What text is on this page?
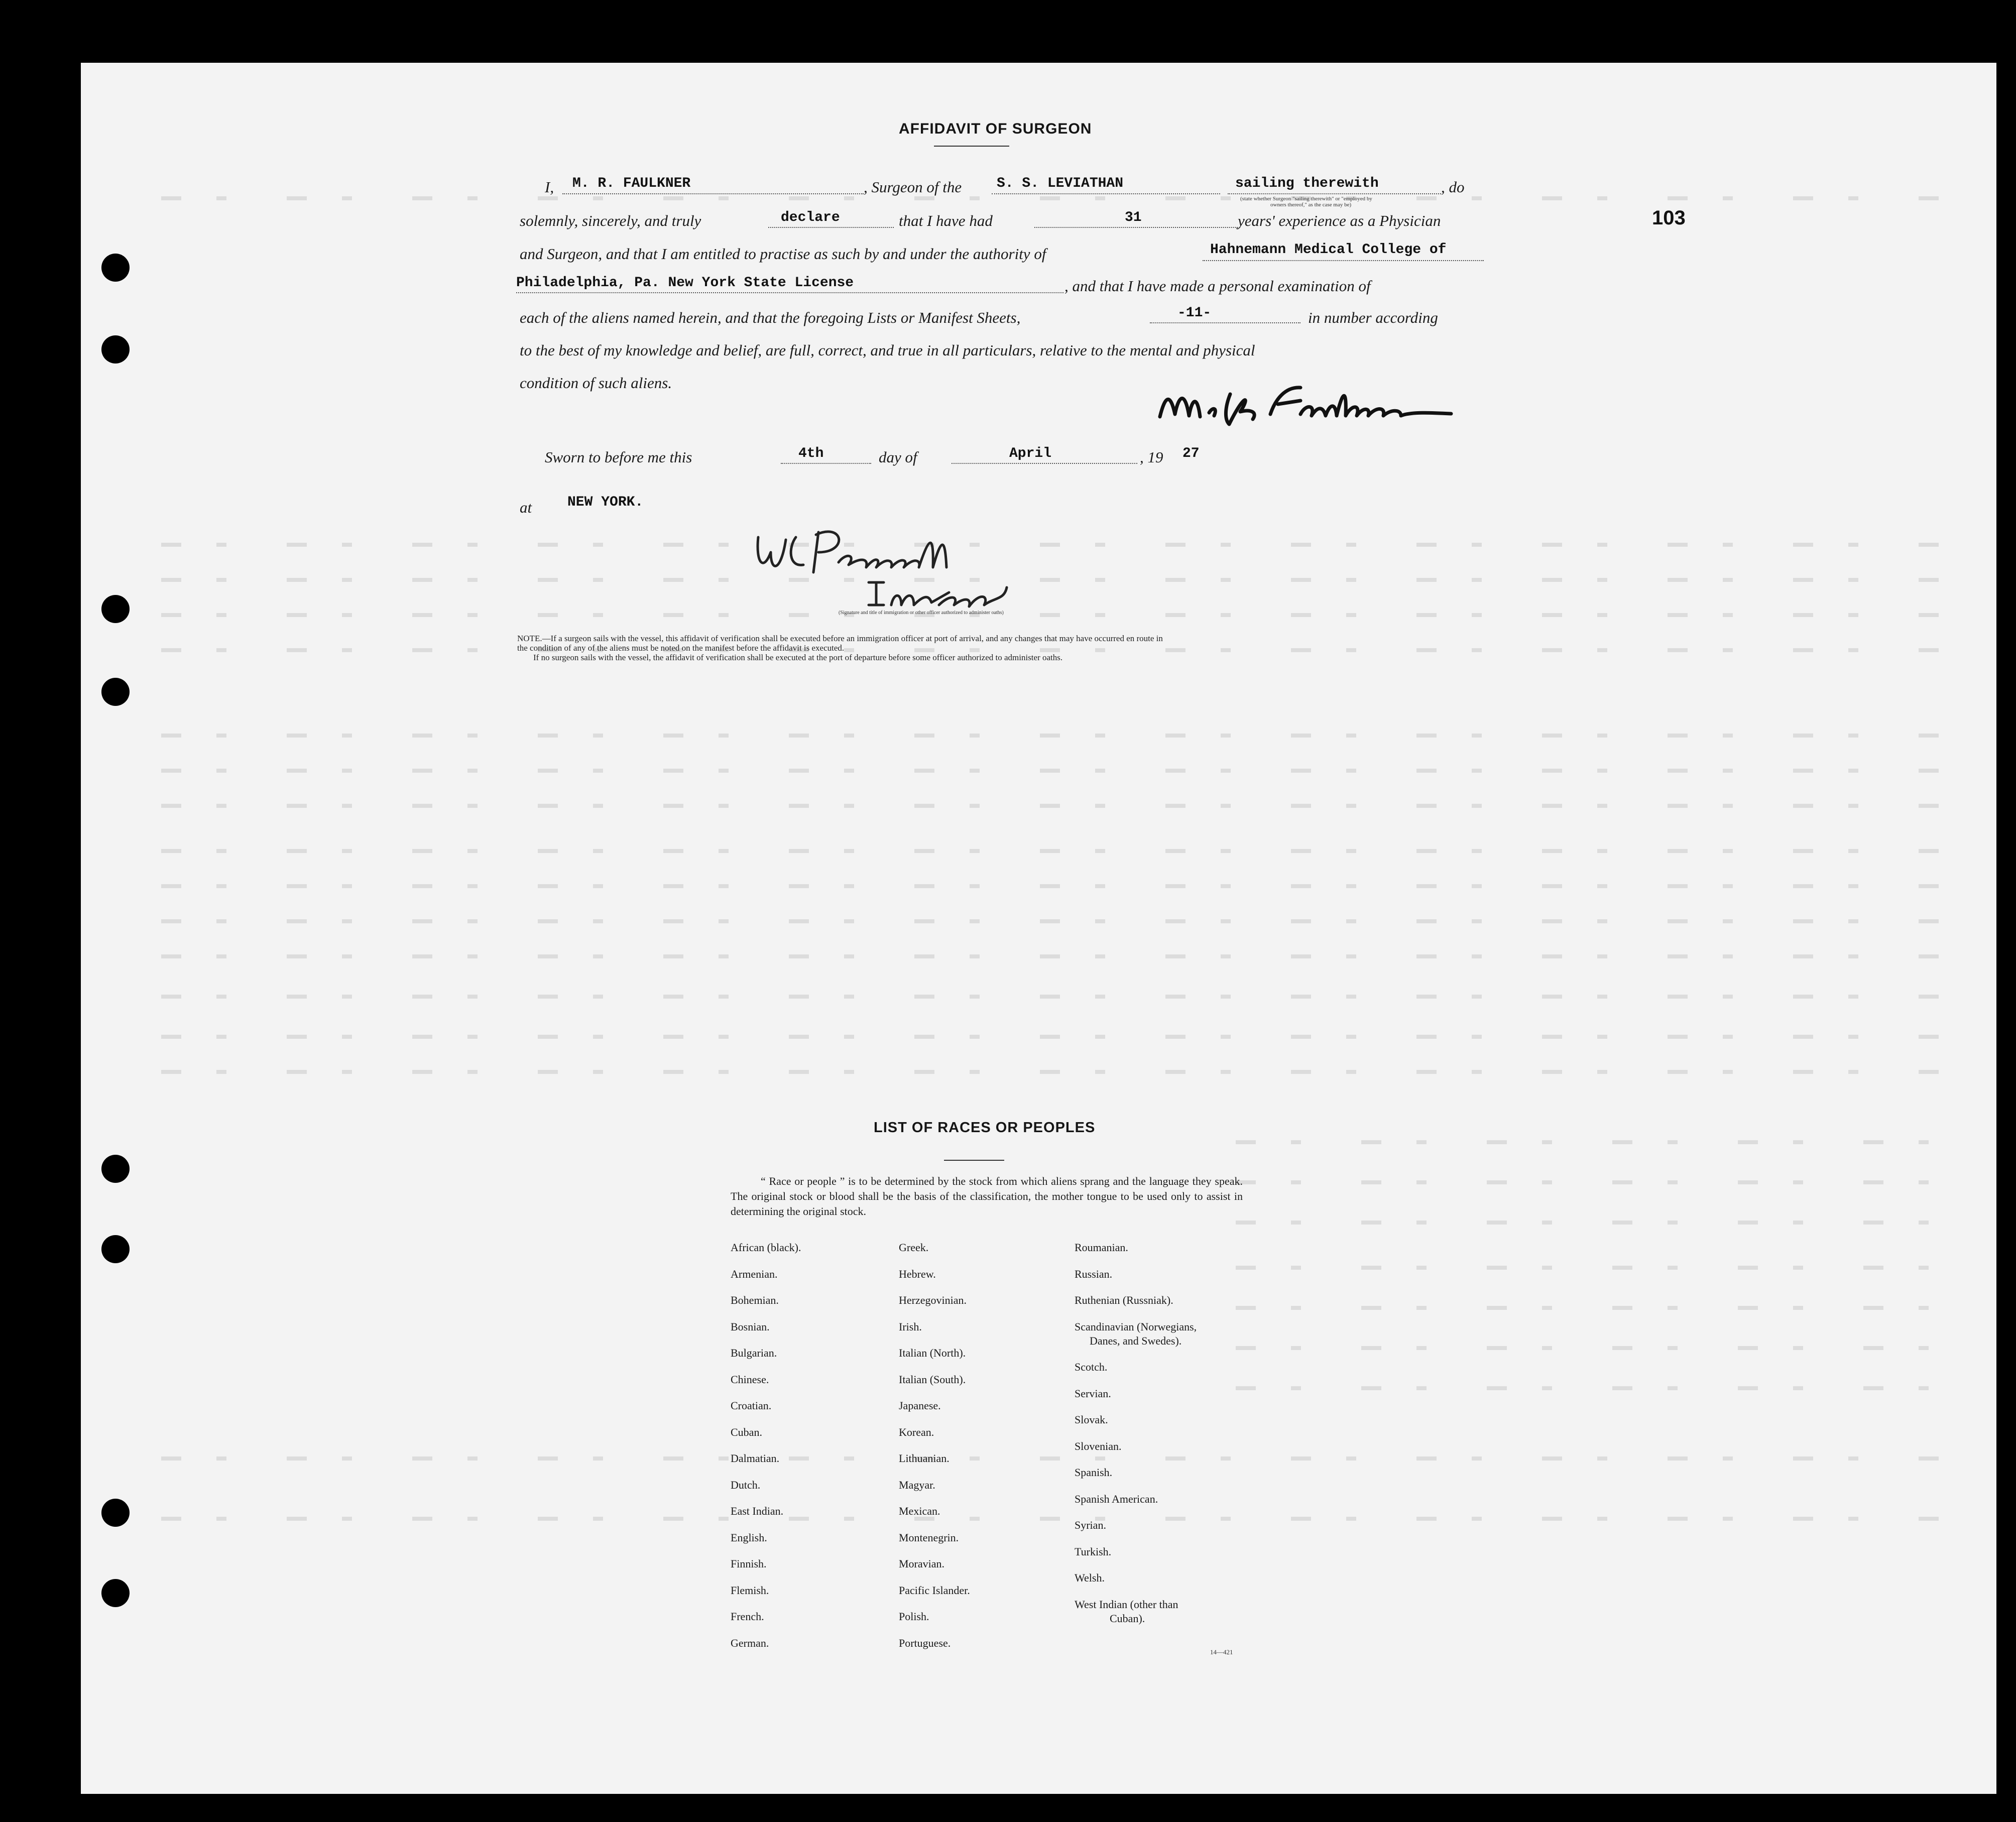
103
AFFIDAVIT OF SURGEON
I, M. R. FAULKNER	, Surgeon of the S. S. LEVIATHAN	sailing therewith	, do
(state whether Surgeon "sailing therewith" or "employed by
owners thereof," as the case may be)
solemnly, sincerely, and truly	declare	that I have had	31	years' experience as a Physician
and Surgeon, and that I am entitled to practise as such by and under the authority of	Hahnemann Medical College of
Philadelphia, Pa. New York State License	, and that I have made a personal examination of
each of the aliens named herein, and that the foregoing Lists or Manifest Sheets,	-11-	in number according
to the best of my knowledge and belief, are full, correct, and true in all particulars, relative to the mental and physical
condition of such aliens.
Sworn to before me this	4th	day of	April	, 19 27
at	NEW YORK.
(Signature and title of immigration or other officer authorized to administer oaths)
NOTE.—If a surgeon sails with the vessel, this affidavit of verification shall be executed before an immigration officer at port of arrival, and any changes that may have occurred en route in
the condition of any of the aliens must be noted on the manifest before the affidavit is executed.
If no surgeon sails with the vessel, the affidavit of verification shall be executed at the port of departure before some officer authorized to administer oaths.
LIST OF RACES OR PEOPLES
“ Race or people ” is to be determined by the stock from which aliens sprang and the language they speak. The original stock or blood shall be the basis of the classification, the mother tongue to be used only to assist in determining the original stock.
African (black).
Armenian.
Bohemian.
Bosnian.
Bulgarian.
Chinese.
Croatian.
Cuban.
Dalmatian.
Dutch.
East Indian.
English.
Finnish.
Flemish.
French.
German.
Greek.
Hebrew.
Herzegovinian.
Irish.
Italian (North).
Italian (South).
Japanese.
Korean.
Lithuanian.
Magyar.
Mexican.
Montenegrin.
Moravian.
Pacific Islander.
Polish.
Portuguese.
Roumanian.
Russian.
Ruthenian (Russniak).
Scandinavian (Norwegians,
Danes, and Swedes).
Scotch.
Servian.
Slovak.
Slovenian.
Spanish.
Spanish American.
Syrian.
Turkish.
Welsh.
West Indian (other than
Cuban).
14—421
